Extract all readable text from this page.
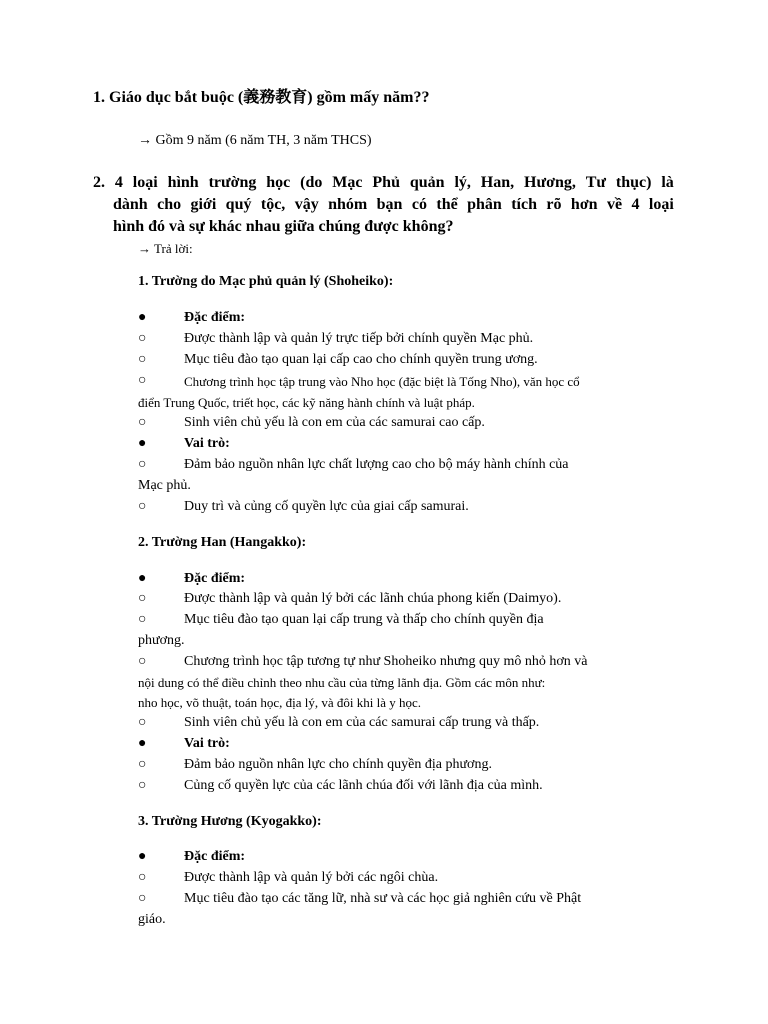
1. Giáo dục bắt buộc (義務教育) gồm mấy năm??
→ Gồm 9 năm (6 năm TH, 3 năm THCS)
2. 4 loại hình trường học (do Mạc Phủ quản lý, Han, Hương, Tư thục) là
dành cho giới quý tộc, vậy nhóm bạn có thể phân tích rõ hơn về 4 loại
hình đó và sự khác nhau giữa chúng được không?
→ Trả lời:
1. Trường do Mạc phủ quản lý (Shoheiko):
●	Đặc điểm:
○	Được thành lập và quản lý trực tiếp bởi chính quyền Mạc phủ.
○	Mục tiêu đào tạo quan lại cấp cao cho chính quyền trung ương.
○	Chương trình học tập trung vào Nho học (đặc biệt là Tống Nho), văn học cổ
điển Trung Quốc, triết học, các kỹ năng hành chính và luật pháp.
○	Sinh viên chủ yếu là con em của các samurai cao cấp.
●	Vai trò:
○	Đảm bảo nguồn nhân lực chất lượng cao cho bộ máy hành chính của
Mạc phủ.
○	Duy trì và củng cố quyền lực của giai cấp samurai.
2. Trường Han (Hangakko):
●	Đặc điểm:
○	Được thành lập và quản lý bởi các lãnh chúa phong kiến (Daimyo).
○	Mục tiêu đào tạo quan lại cấp trung và thấp cho chính quyền địa
phương.
○	Chương trình học tập tương tự như Shoheiko nhưng quy mô nhỏ hơn và
nội dung có thể điều chỉnh theo nhu cầu của từng lãnh địa. Gồm các môn như:
nho học, võ thuật, toán học, địa lý, và đôi khi là y học.
○	Sinh viên chủ yếu là con em của các samurai cấp trung và thấp.
●	Vai trò:
○	Đảm bảo nguồn nhân lực cho chính quyền địa phương.
○	Củng cố quyền lực của các lãnh chúa đối với lãnh địa của mình.
3. Trường Hương (Kyogakko):
●	Đặc điểm:
○	Được thành lập và quản lý bởi các ngôi chùa.
○	Mục tiêu đào tạo các tăng lữ, nhà sư và các học giả nghiên cứu về Phật
giáo.
